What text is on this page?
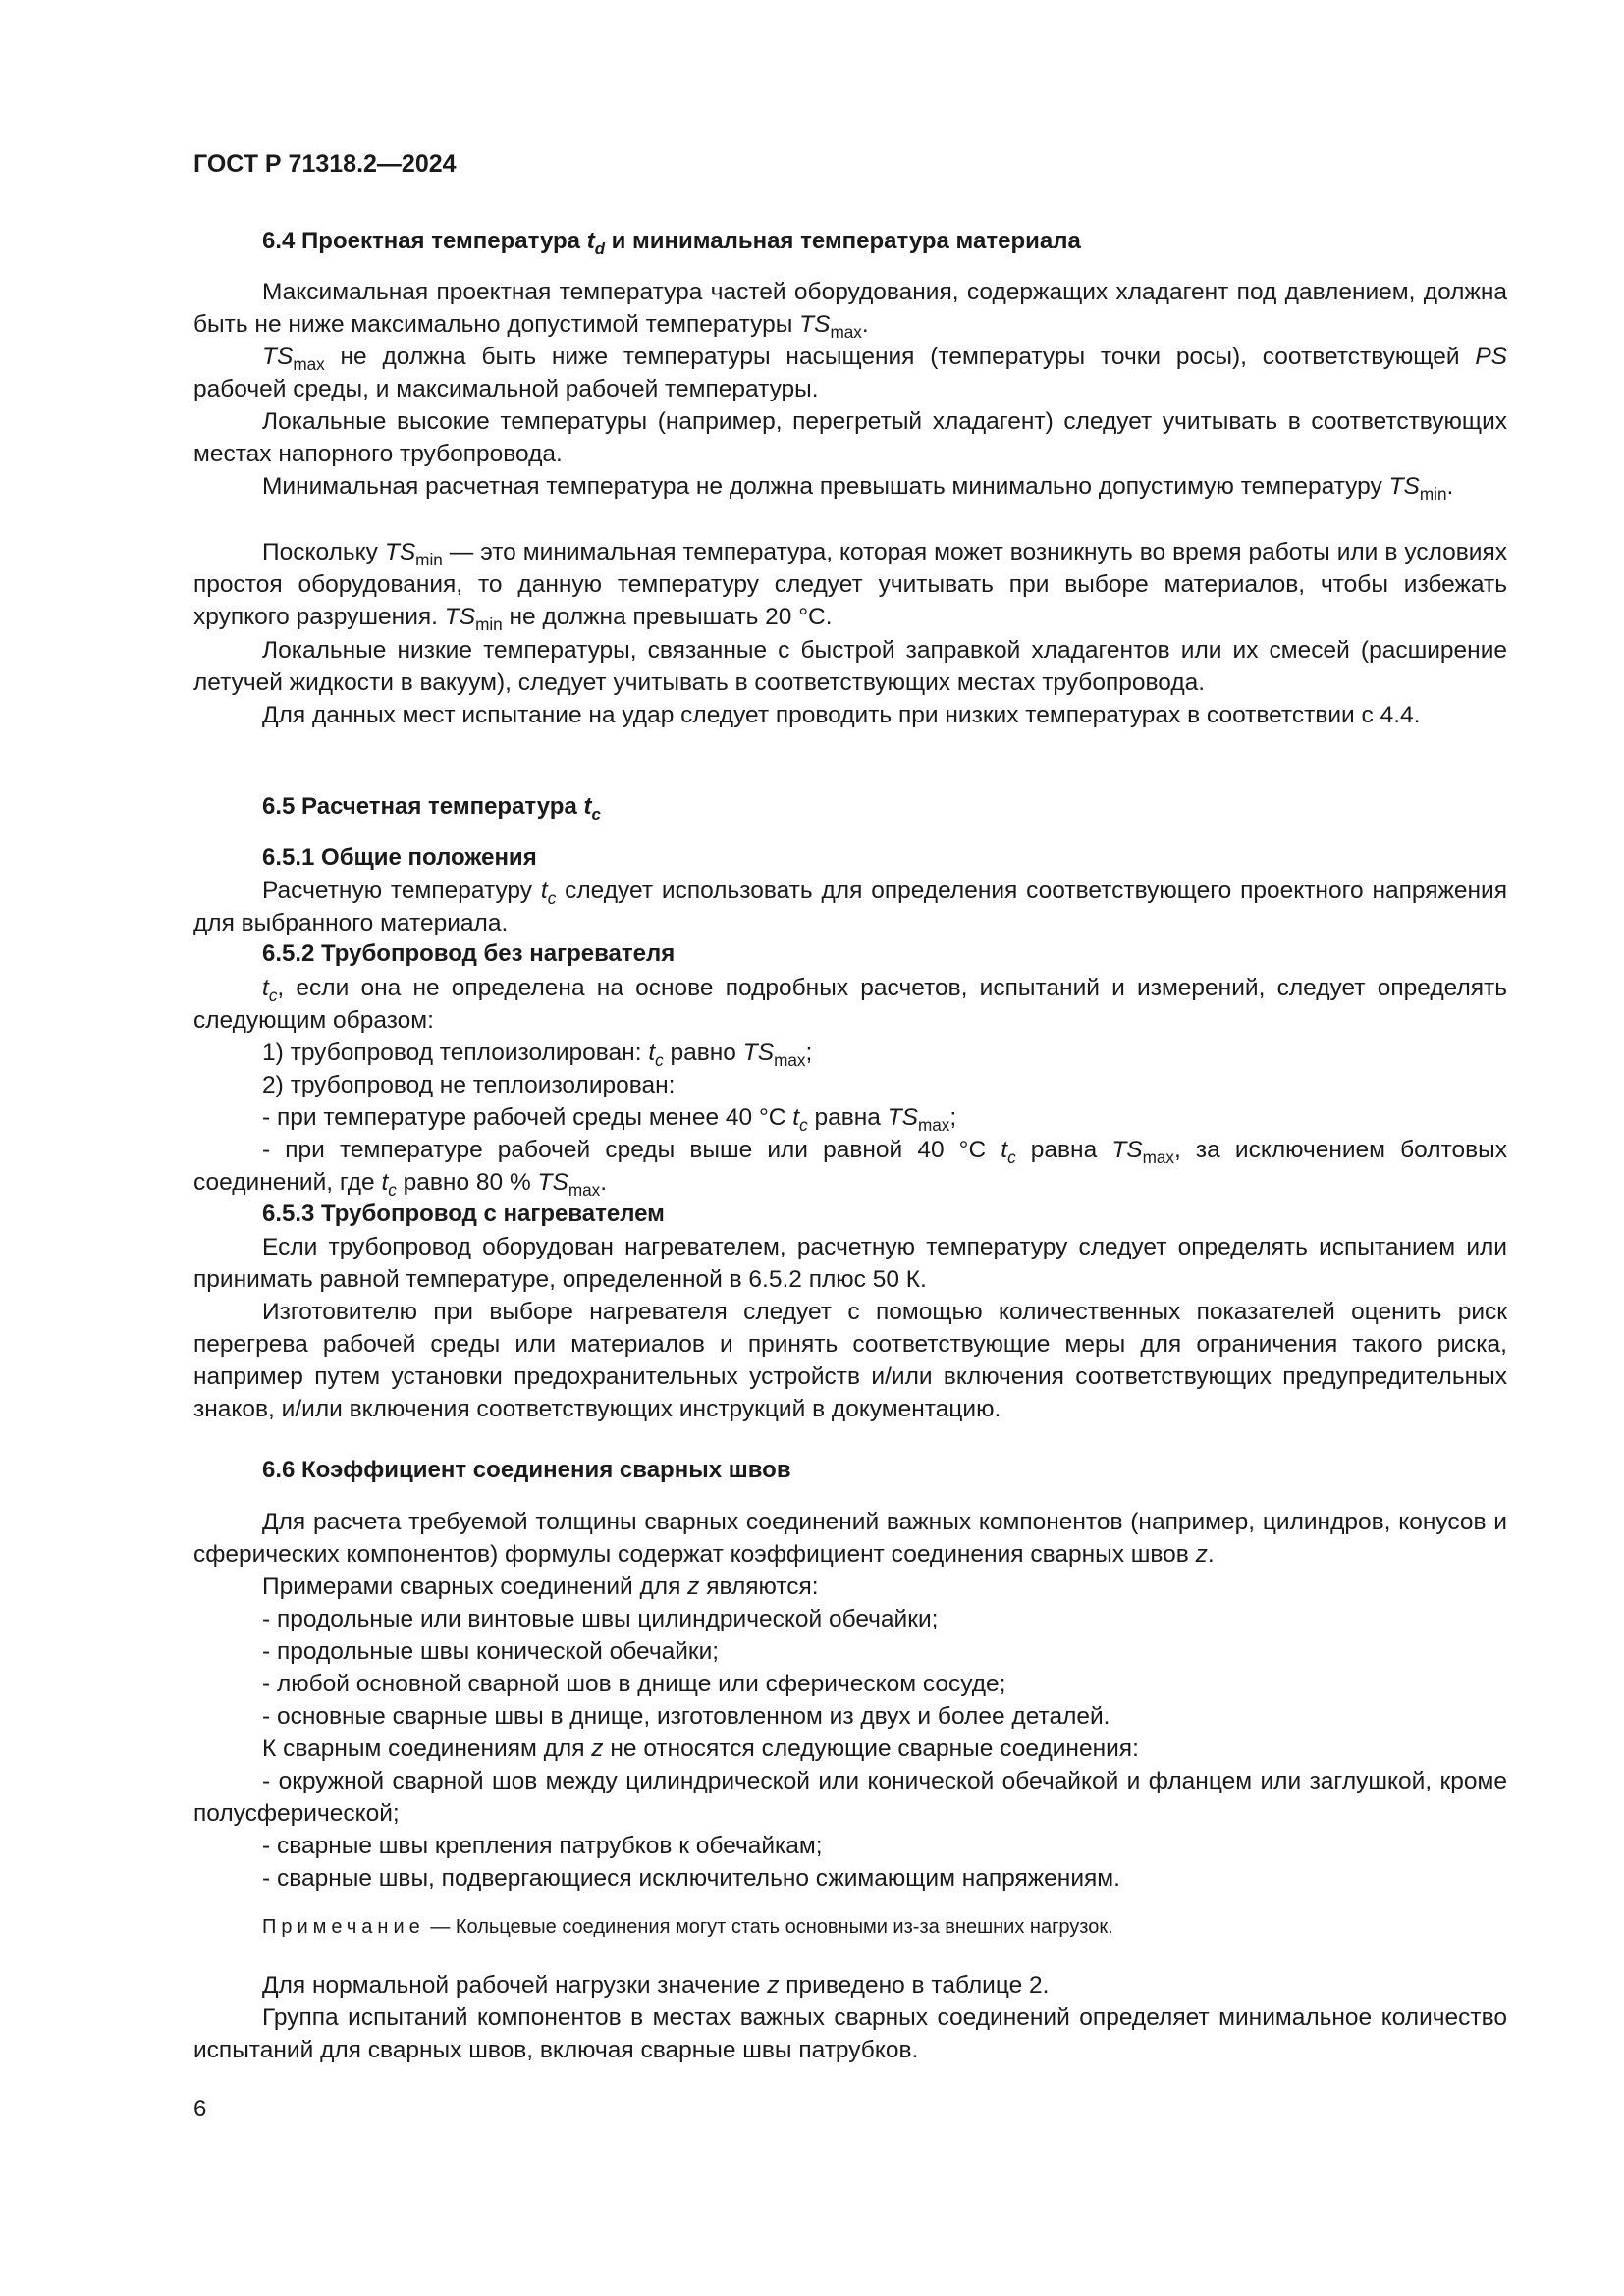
ГОСТ Р 71318.2—2024
6.4 Проектная температура $t_d$ и минимальная температура материала

Максимальная проектная температура частей оборудования, содержащих хладагент под давлением, должна быть не ниже максимально допустимой температуры $TS_{max}$.

$TS_{max}$ не должна быть ниже температуры насыщения (температуры точки росы), соответствующей PS рабочей среды, и максимальной рабочей температуры.

Локальные высокие температуры (например, перегретый хладагент) следует учитывать в соответствующих местах напорного трубопровода.

Минимальная расчетная температура не должна превышать минимально допустимую температуру $TS_{min}$.

Поскольку $TS_{min}$ — это минимальная температура, которая может возникнуть во время работы или в условиях простоя оборудования, то данную температуру следует учитывать при выборе материалов, чтобы избежать хрупкого разрушения. $TS_{min}$ не должна превышать 20 °С.

Локальные низкие температуры, связанные с быстрой заправкой хладагентов или их смесей (расширение летучей жидкости в вакуум), следует учитывать в соответствующих местах трубопровода.

Для данных мест испытание на удар следует проводить при низких температурах в соответствии с 4.4.

6.5 Расчетная температура $t_c$
6.5.1 Общие положения

Расчетную температуру $t_c$ следует использовать для определения соответствующего проектного напряжения для выбранного материала.

6.5.2 Трубопровод без нагревателя

$t_c$, если она не определена на основе подробных расчетов, испытаний и измерений, следует определять следующим образом:

1) трубопровод теплоизолирован: $t_c$ равно $TS_{max}$;

2) трубопровод не теплоизолирован:

- при температуре рабочей среды менее 40 °С $t_c$ равна $TS_{max}$;

- при температуре рабочей среды выше или равной 40 °С $t_c$ равна $TS_{max}$, за исключением болтовых соединений, где $t_c$ равно 80 % $TS_{max}$.

6.5.3 Трубопровод с нагревателем

Если трубопровод оборудован нагревателем, расчетную температуру следует определять испытанием или принимать равной температуре, определенной в 6.5.2 плюс 50 К.

Изготовителю при выборе нагревателя следует с помощью количественных показателей оценить риск перегрева рабочей среды или материалов и принять соответствующие меры для ограничения такого риска, например путем установки предохранительных устройств и/или включения соответствующих предупредительных знаков, и/или включения соответствующих инструкций в документацию.

6.6 Коэффициент соединения сварных швов

Для расчета требуемой толщины сварных соединений важных компонентов (например, цилиндров, конусов и сферических компонентов) формулы содержат коэффициент соединения сварных швов z.

Примерами сварных соединений для z являются:

- продольные или винтовые швы цилиндрической обечайки;

- продольные швы конической обечайки;

- любой основной сварной шов в днище или сферическом сосуде;

- основные сварные швы в днище, изготовленном из двух и более деталей.

К сварным соединениям для z не относятся следующие сварные соединения:

- окружной сварной шов между цилиндрической или конической обечайкой и фланцем или заглушкой, кроме полусферической;

- сварные швы крепления патрубков к обечайкам;

- сварные швы, подвергающиеся исключительно сжимающим напряжениям.

Примечание — Кольцевые соединения могут стать основными из-за внешних нагрузок.

Для нормальной рабочей нагрузки значение z приведено в таблице 2.

Группа испытаний компонентов в местах важных сварных соединений определяет минимальное количество испытаний для сварных швов, включая сварные швы патрубков.

6
